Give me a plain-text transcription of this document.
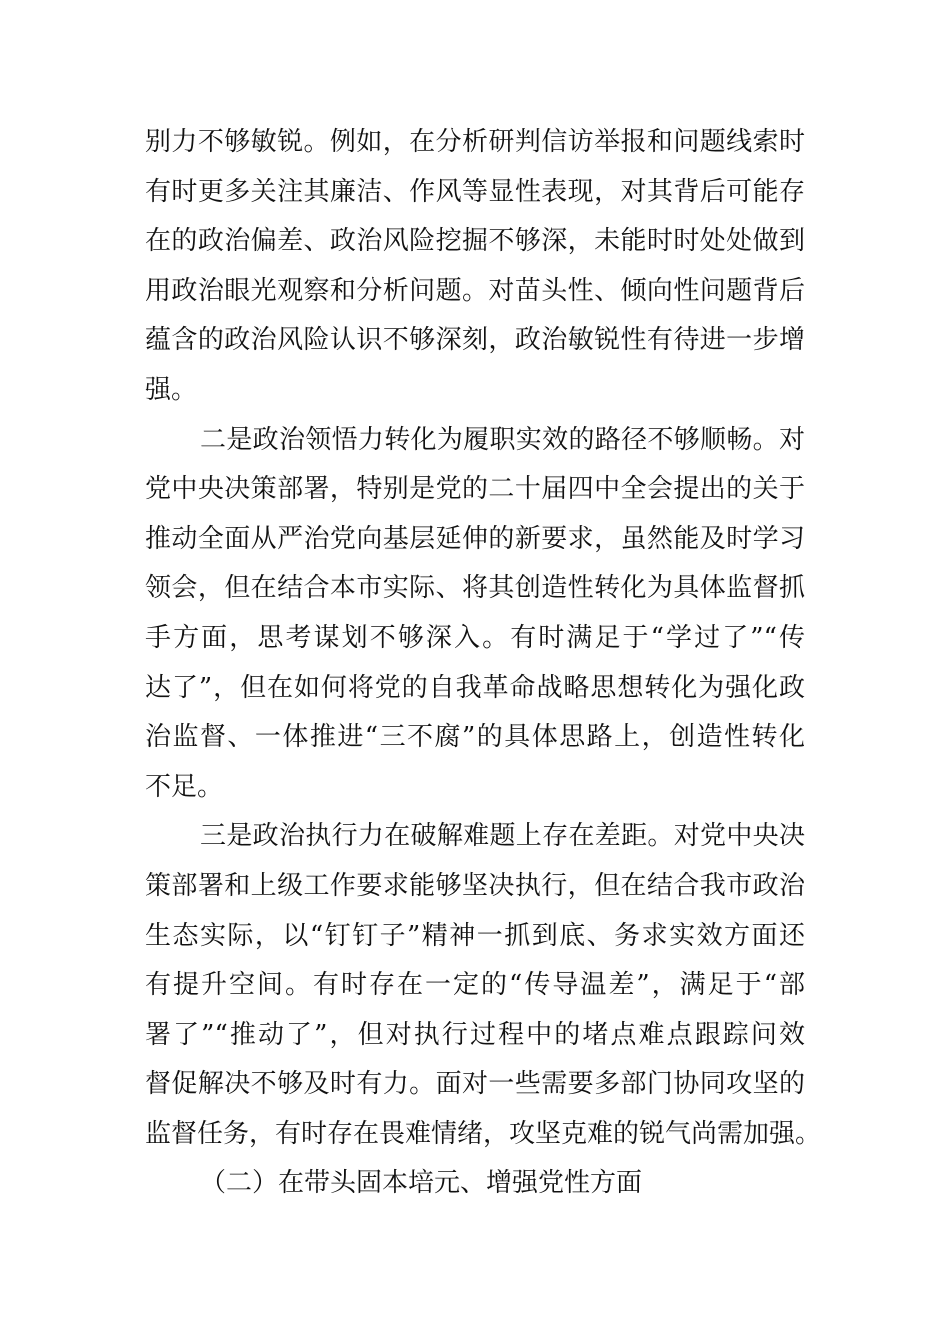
别力不够敏锐。例如，在分析研判信访举报和问题线索时
有时更多关注其廉洁、作风等显性表现，对其背后可能存
在的政治偏差、政治风险挖掘不够深，未能时时处处做到
用政治眼光观察和分析问题。对苗头性、倾向性问题背后
蕴含的政治风险认识不够深刻，政治敏锐性有待进一步增
强。
二是政治领悟力转化为履职实效的路径不够顺畅。对
党中央决策部署，特别是党的二十届四中全会提出的关于
推动全面从严治党向基层延伸的新要求，虽然能及时学习
领会，但在结合本市实际、将其创造性转化为具体监督抓
手方面，思考谋划不够深入。有时满足于“学过了”“传
达了”，但在如何将党的自我革命战略思想转化为强化政
治监督、一体推进“三不腐”的具体思路上，创造性转化
不足。
三是政治执行力在破解难题上存在差距。对党中央决
策部署和上级工作要求能够坚决执行，但在结合我市政治
生态实际，以“钉钉子”精神一抓到底、务求实效方面还
有提升空间。有时存在一定的“传导温差”，满足于“部
署了”“推动了”，但对执行过程中的堵点难点跟踪问效
督促解决不够及时有力。面对一些需要多部门协同攻坚的
监督任务，有时存在畏难情绪，攻坚克难的锐气尚需加强。
（二）在带头固本培元、增强党性方面
